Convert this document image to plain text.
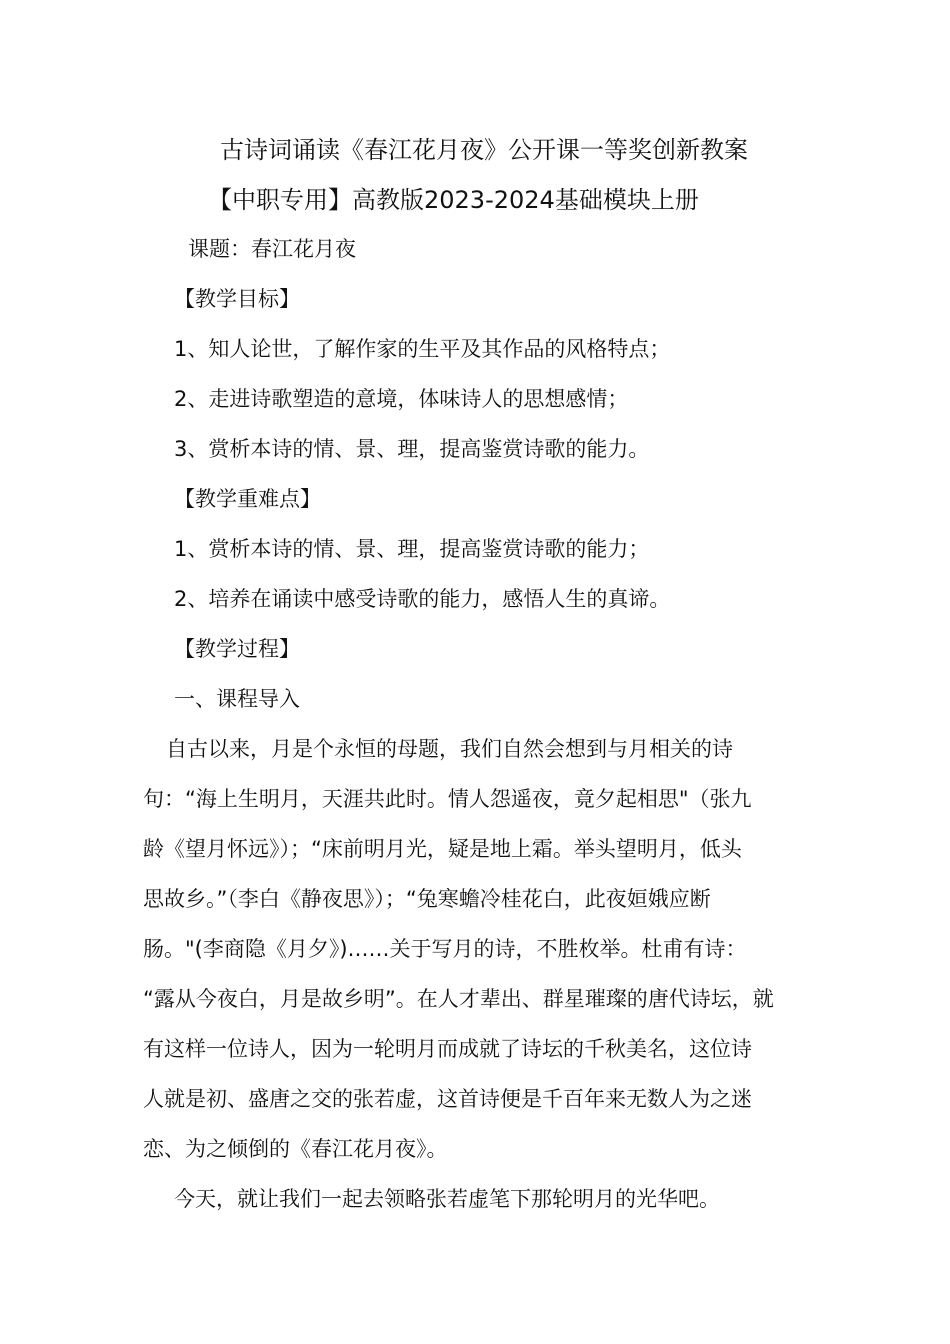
古诗词诵读《春江花月夜》公开课一等奖创新教案
【中职专用】高教版2023-2024基础模块上册
课题：春江花月夜
【教学目标】
1、知人论世，了解作家的生平及其作品的风格特点；
2、走进诗歌塑造的意境，体味诗人的思想感情；
3、赏析本诗的情、景、理，提高鉴赏诗歌的能力。
【教学重难点】
1、赏析本诗的情、景、理，提高鉴赏诗歌的能力；
2、培养在诵读中感受诗歌的能力，感悟人生的真谛。
【教学过程】
一、课程导入
自古以来，月是个永恒的母题，我们自然会想到与月相关的诗
句：“海上生明月，天涯共此时。情人怨遥夜，竟夕起相思"（张九
龄《望月怀远》）；“床前明月光，疑是地上霜。举头望明月，低头
思故乡。”（李白《静夜思》）；“兔寒蟾冷桂花白，此夜姮娥应断
肠。"(李商隐《月夕》)……关于写月的诗，不胜枚举。杜甫有诗：
“露从今夜白，月是故乡明”。在人才辈出、群星璀璨的唐代诗坛，就
有这样一位诗人，因为一轮明月而成就了诗坛的千秋美名，这位诗
人就是初、盛唐之交的张若虚，这首诗便是千百年来无数人为之迷
恋、为之倾倒的《春江花月夜》。
今天，就让我们一起去领略张若虚笔下那轮明月的光华吧。
